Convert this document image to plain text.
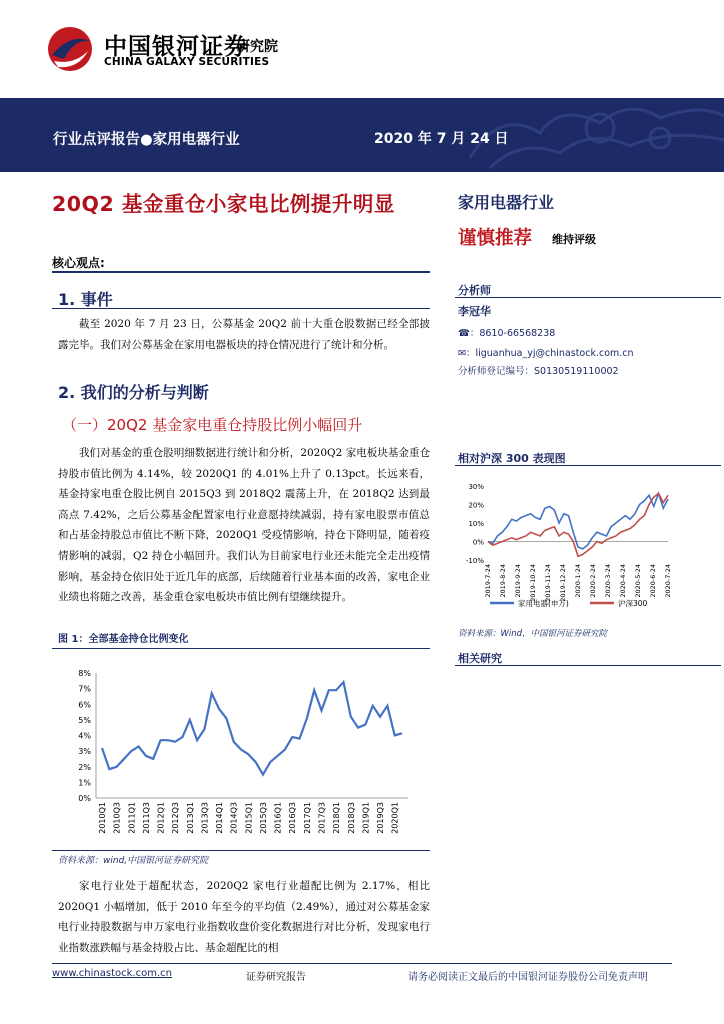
中国银河证券
研究院
CHINA GALAXY SECURITIES
行业点评报告●家用电器行业	2020 年 7 月 24 日
20Q2 基金重仓小家电比例提升明显	家用电器行业
谨慎推荐 维持评级
核心观点:
1. 事件
截至 2020 年 7 月 23 日，公募基金 20Q2 前十大重仓股数据已经全部披露完毕。我们对公募基金在家用电器板块的持仓情况进行了统计和分析。
2. 我们的分析与判断
（一）20Q2 基金家电重仓持股比例小幅回升
我们对基金的重仓股明细数据进行统计和分析，2020Q2 家电板块基金重仓持股市值比例为 4.14%，较 2020Q1 的 4.01%上升了 0.13pct。长远来看，基金持家电重仓股比例自 2015Q3 到 2018Q2 震荡上升，在 2018Q2 达到最高点 7.42%，之后公募基金配置家电行业意愿持续减弱，持有家电股票市值总和占基金持股总市值比不断下降，2020Q1 受疫情影响，持仓下降明显，随着疫情影响的减弱，Q2 持仓小幅回升。我们认为目前家电行业还未能完全走出疫情影响，基金持仓依旧处于近几年的底部，后续随着行业基本面的改善，家电企业业绩也将随之改善，基金重仓家电板块市值比例有望继续提升。
图 1：全部基金持仓比例变化
0%
1%
2%
3%
4%
5%
6%
7%
8%
2010Q1 2010Q3 2011Q1 2011Q3 2012Q1 2012Q3 2013Q1 2013Q3 2014Q1 2014Q3 2015Q1 2015Q3 2016Q1 2016Q3 2017Q1 2017Q3 2018Q1 2018Q3 2019Q1 2019Q3 2020Q1
资料来源：wind,中国银河证券研究院
家电行业处于超配状态，2020Q2 家电行业超配比例为 2.17%，相比 2020Q1 小幅增加，低于 2010 年至今的平均值（2.49%），通过对公募基金家电行业持股数据与申万家电行业指数收盘价变化数据进行对比分析，发现家电行业指数涨跌幅与基金持股占比、基金超配比的相
分析师
李冠华
☎：8610-66568238
✉：liguanhua_yj@chinastock.com.cn
分析师登记编号：S0130519110002
相对沪深 300 表现图
-10%
0%
10%
20%
30%
2019-7-24 2019-8-24 2019-9-24 2019-10-24 2019-11-24 2019-12-24 2020-1-24 2020-2-24 2020-3-24 2020-4-24 2020-5-24 2020-6-24 2020-7-24
家用电器(申万)	沪深300
资料来源：Wind，中国银河证券研究院
相关研究
www.chinastock.com.cn	证券研究报告	请务必阅读正文最后的中国银河证券股份公司免责声明
